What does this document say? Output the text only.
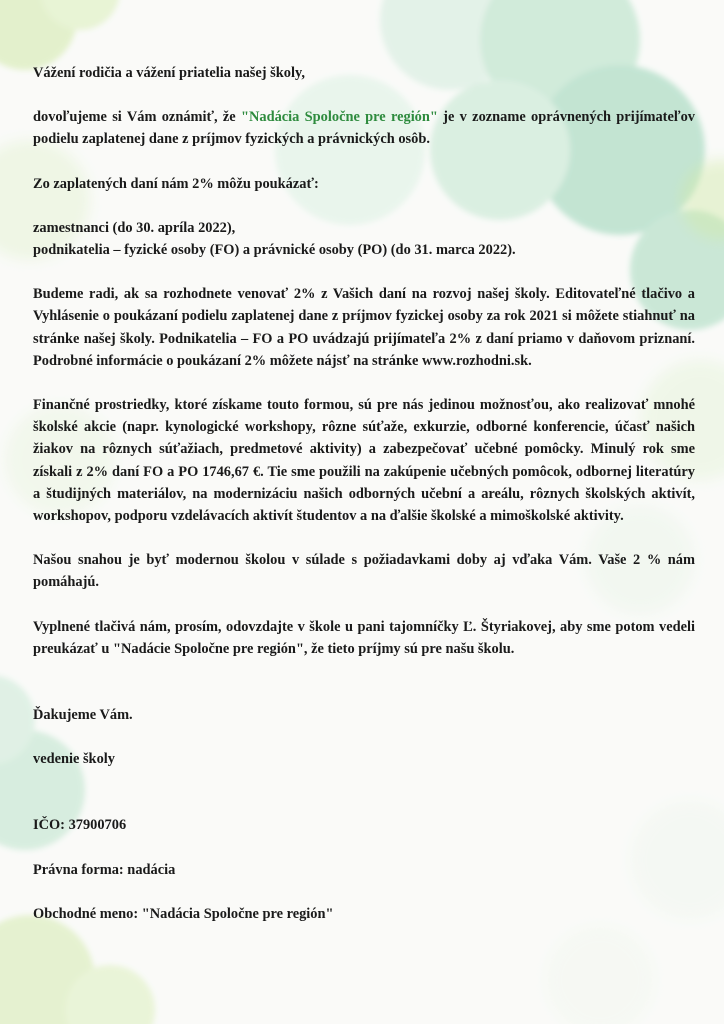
Vážení rodičia a vážení priatelia našej školy,

dovoľujeme si Vám oznámiť, že "Nadácia Spoločne pre región" je v zozname oprávnených prijímateľov podielu zaplatenej dane z príjmov fyzických a právnických osôb.

Zo zaplatených daní nám 2% môžu poukázať:

zamestnanci (do 30. apríla 2022),

podnikatelia – fyzické osoby (FO) a právnické osoby (PO) (do 31. marca 2022).

Budeme radi, ak sa rozhodnete venovať 2% z Vašich daní na rozvoj našej školy. Editovateľné tlačivo a Vyhlásenie o poukázaní podielu zaplatenej dane z príjmov fyzickej osoby za rok 2021 si môžete stiahnuť na stránke našej školy. Podnikatelia – FO a PO uvádzajú prijímateľa 2% z daní priamo v daňovom priznaní. Podrobné informácie o poukázaní 2% môžete nájsť na stránke www.rozhodni.sk.

Finančné prostriedky, ktoré získame touto formou, sú pre nás jedinou možnosťou, ako realizovať mnohé školské akcie (napr. kynologické workshopy, rôzne súťaže, exkurzie, odborné konferencie, účasť našich žiakov na rôznych súťažiach, predmetové aktivity) a zabezpečovať učebné pomôcky. Minulý rok sme získali z 2% daní FO a PO 1746,67 €. Tie sme použili na zakúpenie učebných pomôcok, odbornej literatúry a študijných materiálov, na modernizáciu našich odborných učební a areálu, rôznych školských aktivít, workshopov, podporu vzdelávacích aktivít študentov a na ďalšie školské a mimoškolské aktivity.

Našou snahou je byť modernou školou v súlade s požiadavkami doby aj vďaka Vám. Vaše 2 % nám pomáhajú.

Vyplnené tlačivá nám, prosím, odovzdajte v škole u pani tajomníčky Ľ. Štyriakovej, aby sme potom vedeli preukázať u "Nadácie Spoločne pre región", že tieto príjmy sú pre našu školu.

Ďakujeme Vám.

vedenie školy

IČO: 37900706

Právna forma: nadácia

Obchodné meno: "Nadácia Spoločne pre región"
